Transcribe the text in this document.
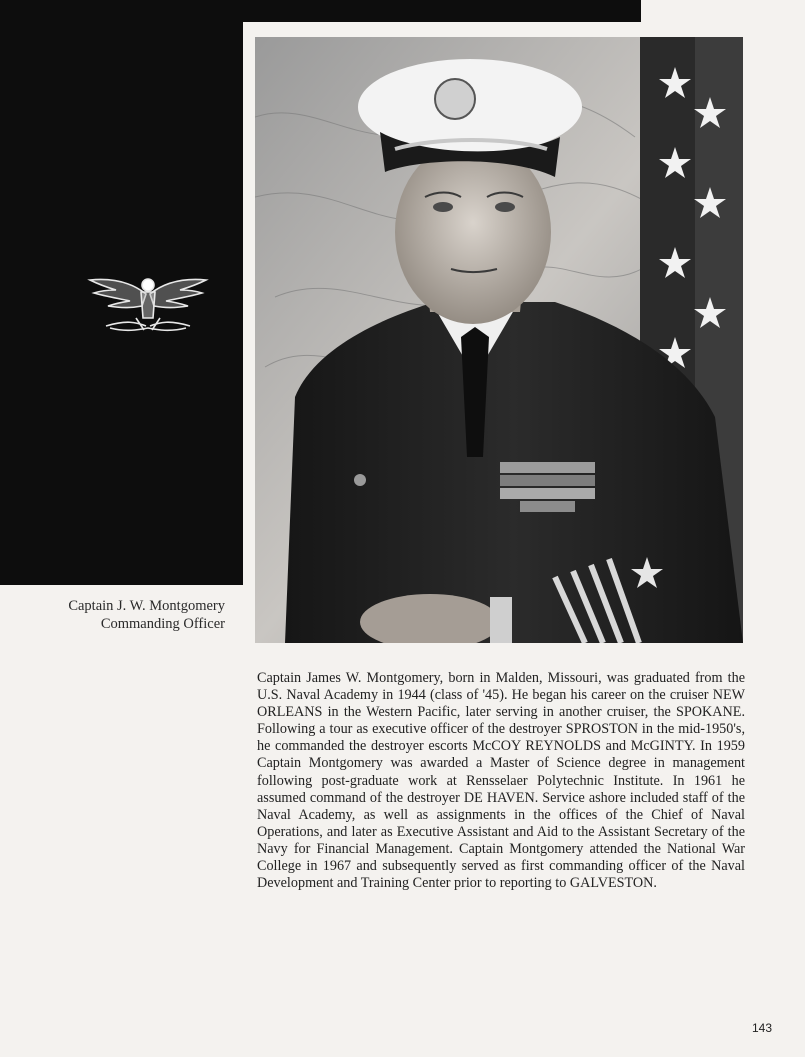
Captain J. W. Montgomery
Commanding Officer
Captain James W. Montgomery, born in Malden, Missouri, was graduated from the U.S. Naval Academy in 1944 (class of '45). He began his career on the cruiser NEW ORLEANS in the Western Pacific, later serving in another cruiser, the SPOKANE. Following a tour as executive officer of the destroyer SPROSTON in the mid-1950's, he commanded the destroyer escorts McCOY REYNOLDS and McGINTY. In 1959 Captain Montgomery was awarded a Master of Science degree in management following post-graduate work at Rensselaer Polytechnic Institute. In 1961 he assumed command of the destroyer DE HAVEN. Service ashore included staff of the Naval Academy, as well as assignments in the offices of the Chief of Naval Operations, and later as Executive Assistant and Aid to the Assistant Secretary of the Navy for Financial Management. Captain Montgomery attended the National War College in 1967 and subsequently served as first commanding officer of the Naval Development and Training Center prior to reporting to GALVESTON.
143
